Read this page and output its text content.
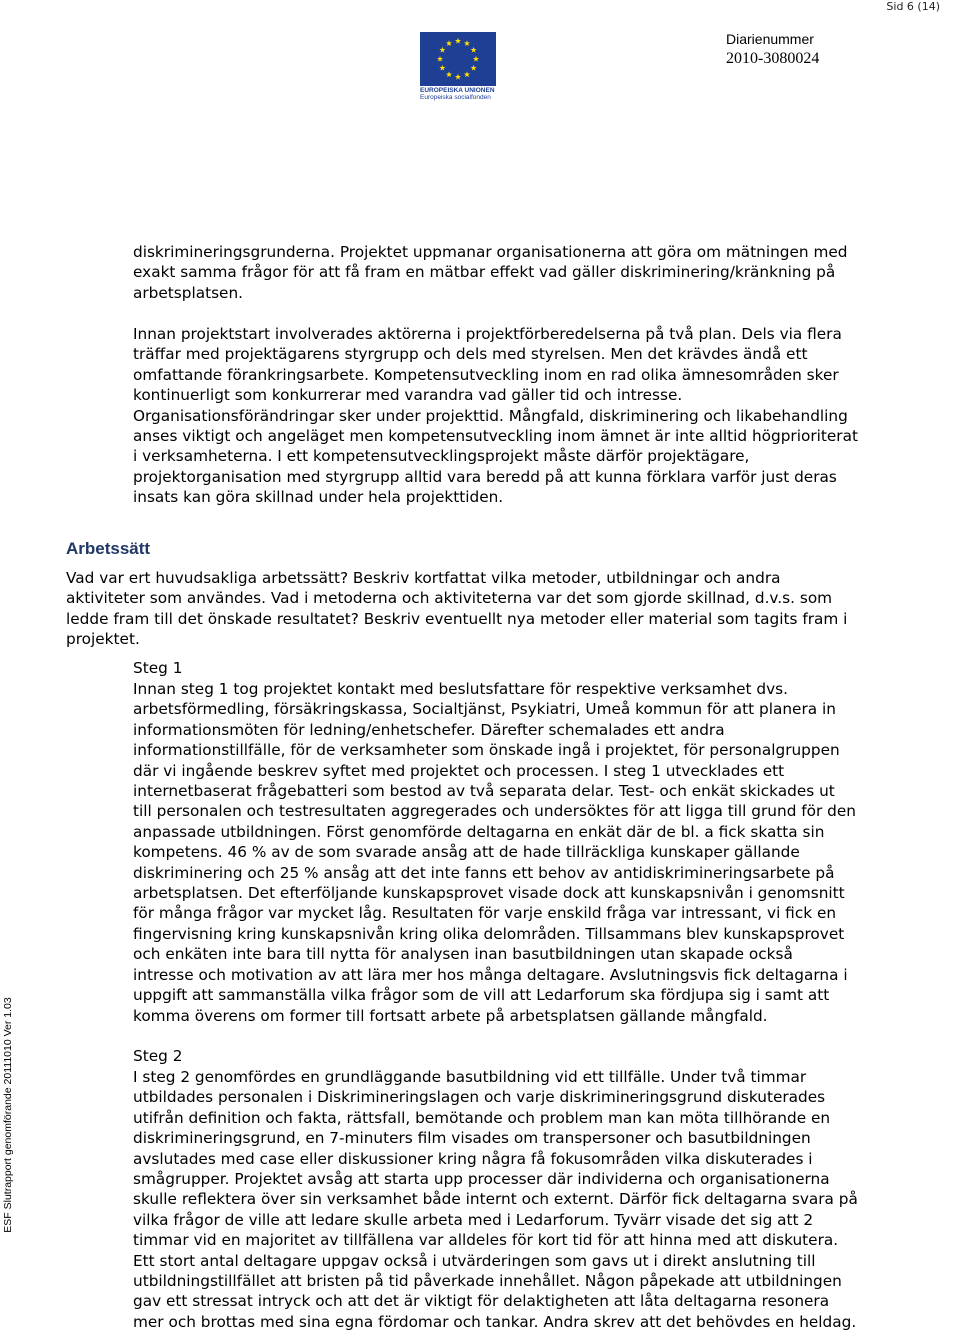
Sid 6 (14)
EUROPEISKA UNIONEN
Europeiska socialfonden
Diarienummer
2010-3080024
ESF Slutrapport genomförande 20111010 Ver 1.03

diskrimineringsgrunderna. Projektet uppmanar organisationerna att göra om mätningen med
exakt samma frågor för att få fram en mätbar effekt vad gäller diskriminering/kränkning på
arbetsplatsen.

Innan projektstart involverades aktörerna i projektförberedelserna på två plan. Dels via flera
träffar med projektägarens styrgrupp och dels med styrelsen. Men det krävdes ändå ett
omfattande förankringsarbete. Kompetensutveckling inom en rad olika ämnesområden sker
kontinuerligt som konkurrerar med varandra vad gäller tid och intresse.
Organisationsförändringar sker under projekttid. Mångfald, diskriminering och likabehandling
anses viktigt och angeläget men kompetensutveckling inom ämnet är inte alltid högprioriterat
i verksamheterna. I ett kompetensutvecklingsprojekt måste därför projektägare,
projektorganisation med styrgrupp alltid vara beredd på att kunna förklara varför just deras
insats kan göra skillnad under hela projekttiden.

Arbetssätt

Vad var ert huvudsakliga arbetssätt? Beskriv kortfattat vilka metoder, utbildningar och andra
aktiviteter som användes. Vad i metoderna och aktiviteterna var det som gjorde skillnad, d.v.s. som
ledde fram till det önskade resultatet? Beskriv eventuellt nya metoder eller material som tagits fram i
projektet.

Steg 1

Innan steg 1 tog projektet kontakt med beslutsfattare för respektive verksamhet dvs.
arbetsförmedling, försäkringskassa, Socialtjänst, Psykiatri, Umeå kommun för att planera in
informationsmöten för ledning/enhetschefer. Därefter schemalades ett andra
informationstillfälle, för de verksamheter som önskade ingå i projektet, för personalgruppen
där vi ingående beskrev syftet med projektet och processen. I steg 1 utvecklades ett
internetbaserat frågebatteri som bestod av två separata delar. Test- och enkät skickades ut
till personalen och testresultaten aggregerades och undersöktes för att ligga till grund för den
anpassade utbildningen. Först genomförde deltagarna en enkät där de bl. a fick skatta sin
kompetens. 46 % av de som svarade ansåg att de hade tillräckliga kunskaper gällande
diskriminering och 25 % ansåg att det inte fanns ett behov av antidiskrimineringsarbete på
arbetsplatsen. Det efterföljande kunskapsprovet visade dock att kunskapsnivån i genomsnitt
för många frågor var mycket låg. Resultaten för varje enskild fråga var intressant, vi fick en
fingervisning kring kunskapsnivån kring olika delområden. Tillsammans blev kunskapsprovet
och enkäten inte bara till nytta för analysen inan basutbildningen utan skapade också
intresse och motivation av att lära mer hos många deltagare. Avslutningsvis fick deltagarna i
uppgift att sammanställa vilka frågor som de vill att Ledarforum ska fördjupa sig i samt att
komma överens om former till fortsatt arbete på arbetsplatsen gällande mångfald.

Steg 2

I steg 2 genomfördes en grundläggande basutbildning vid ett tillfälle. Under två timmar
utbildades personalen i Diskrimineringslagen och varje diskrimineringsgrund diskuterades
utifrån definition och fakta, rättsfall, bemötande och problem man kan möta tillhörande en
diskrimineringsgrund, en 7-minuters film visades om transpersoner och basutbildningen
avslutades med case eller diskussioner kring några få fokusområden vilka diskuterades i
smågrupper. Projektet avsåg att starta upp processer där individerna och organisationerna
skulle reflektera över sin verksamhet både internt och externt. Därför fick deltagarna svara på
vilka frågor de ville att ledare skulle arbeta med i Ledarforum. Tyvärr visade det sig att 2
timmar vid en majoritet av tillfällena var alldeles för kort tid för att hinna med att diskutera.
Ett stort antal deltagare uppgav också i utvärderingen som gavs ut i direkt anslutning till
utbildningstillfället att bristen på tid påverkade innehållet. Någon påpekade att utbildningen
gav ett stressat intryck och att det är viktigt för delaktigheten att låta deltagarna resonera
mer och brottas med sina egna fördomar och tankar. Andra skrev att det behövdes en heldag.
